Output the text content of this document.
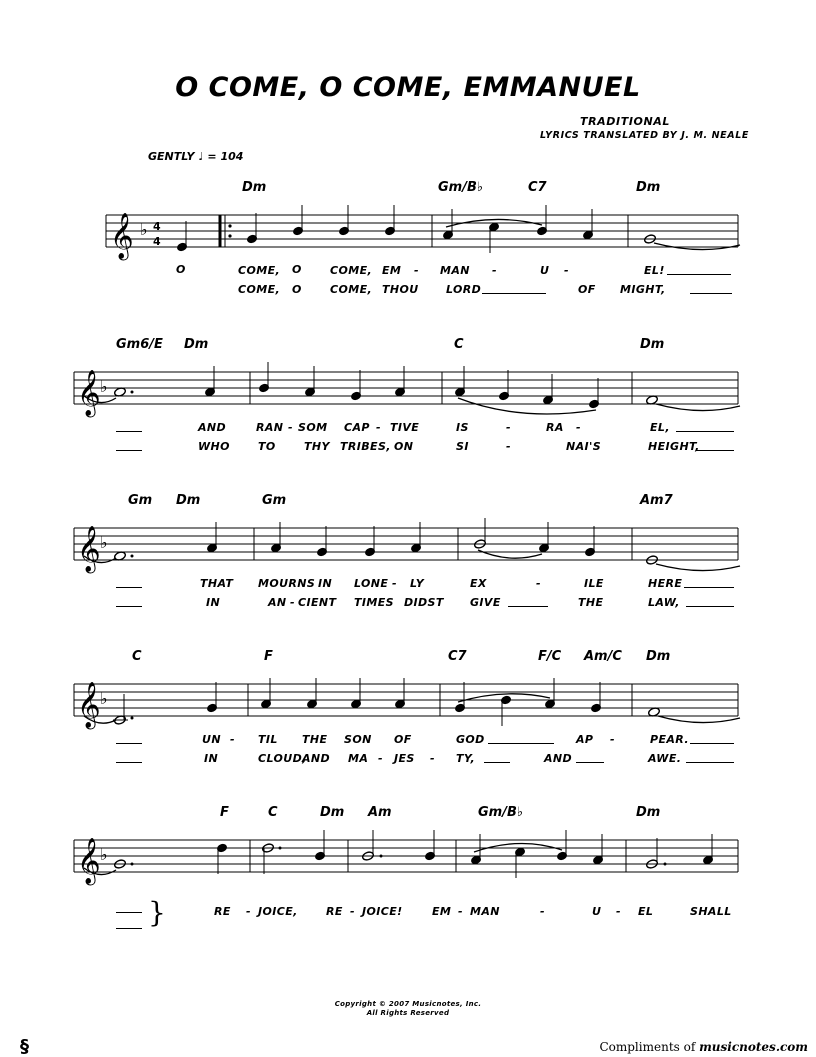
O COME, O COME, EMMANUEL
TRADITIONAL
LYRICS TRANSLATED BY J. M. NEALE
GENTLY ♩ = 104
Dm	Gm/B♭	C7	Dm
𝄞 ♭ 4
4
O	COME, O	COME, EM - MAN -	U -	EL!
COME, O	COME, THOU LORD	OF MIGHT,
Gm6/E Dm	C	Dm
𝄞 ♭
AND	RAN - SOM CAP - TIVE	IS	-	RA -	EL,
WHO	TO	THY TRIBES, ON	SI	-	NAI'S	HEIGHT,
Gm Dm	Gm	Am7
𝄞 ♭
THAT MOURNS IN LONE - LY	EX	-	ILE	HERE
IN	AN - CIENT TIMES DIDST GIVE	THE	LAW,
C	F	C7	F/C Am/C Dm
𝄞 ♭
UN - TIL THE SON OF	GOD	AP -	PEAR.
IN	CLOUD,
AND MA - JES - TY,	AND	AWE.
F	C	Dm Am	Gm/B♭	Dm
𝄞 ♭
}	RE - JOICE,	RE - JOICE!	EM - MAN	-	U - EL	SHALL
Copyright © 2007 Musicnotes, Inc.
All Rights Reserved
§	Compliments of musicnotes.com
